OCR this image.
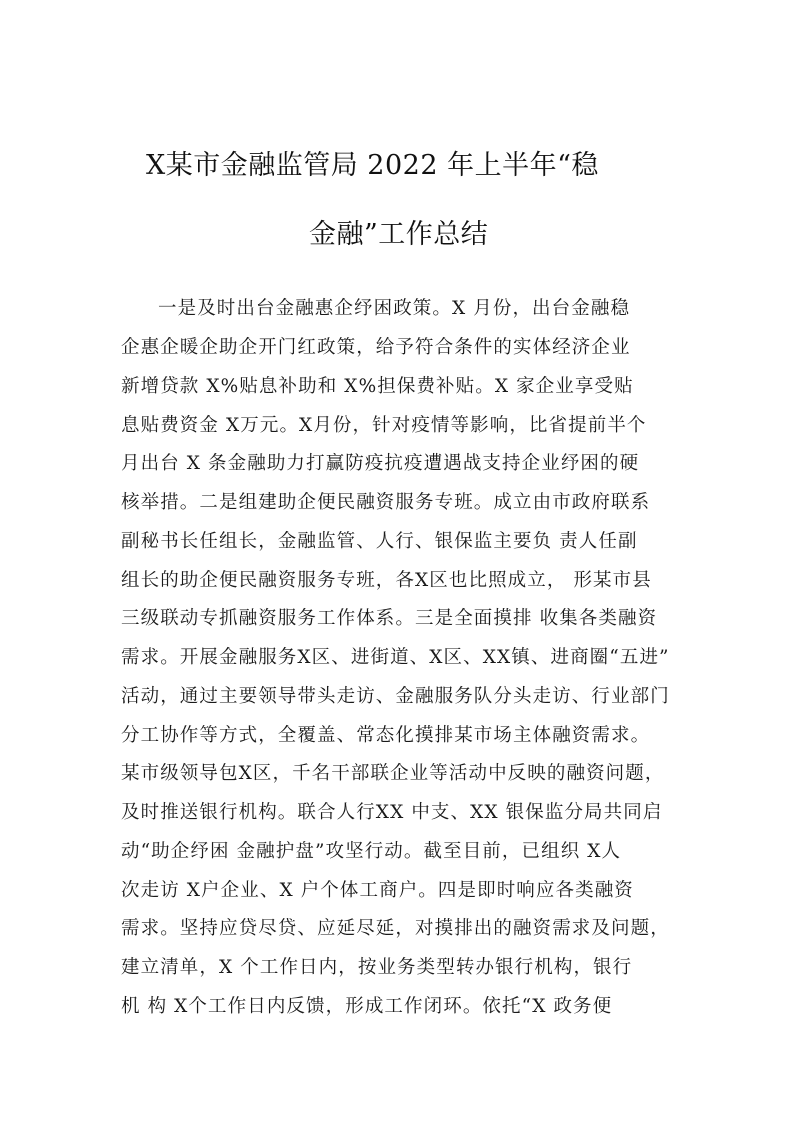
X某市金融监管局 2022 年上半年“稳
金融”工作总结
一是及时出台金融惠企纾困政策。X 月份，出台金融稳
企惠企暖企助企开门红政策，给予符合条件的实体经济企业
新增贷款 X%贴息补助和 X%担保费补贴。X 家企业享受贴
息贴费资金 X万元。X月份，针对疫情等影响，比省提前半个
月出台 X 条金融助力打赢防疫抗疫遭遇战支持企业纾困的硬
核举措。二是组建助企便民融资服务专班。成立由市政府联系
副秘书长任组长，金融监管、人行、银保监主要负 责人任副
组长的助企便民融资服务专班，各X区也比照成立， 形某市县
三级联动专抓融资服务工作体系。三是全面摸排 收集各类融资
需求。开展金融服务X区、进街道、X区、XX镇、进商圈“五进”
活动，通过主要领导带头走访、金融服务队分头走访、行业部门
分工协作等方式，全覆盖、常态化摸排某市场主体融资需求。
某市级领导包X区，千名干部联企业等活动中反映的融资问题，
及时推送银行机构。联合人行XX 中支、XX 银保监分局共同启
动“助企纾困 金融护盘”攻坚行动。截至目前，已组织 X人
次走访 X户企业、X 户个体工商户。四是即时响应各类融资
需求。坚持应贷尽贷、应延尽延，对摸排出的融资需求及问题，
建立清单，X 个工作日内，按业务类型转办银行机构，银行
机 构 X个工作日内反馈，形成工作闭环。依托“X 政务便
